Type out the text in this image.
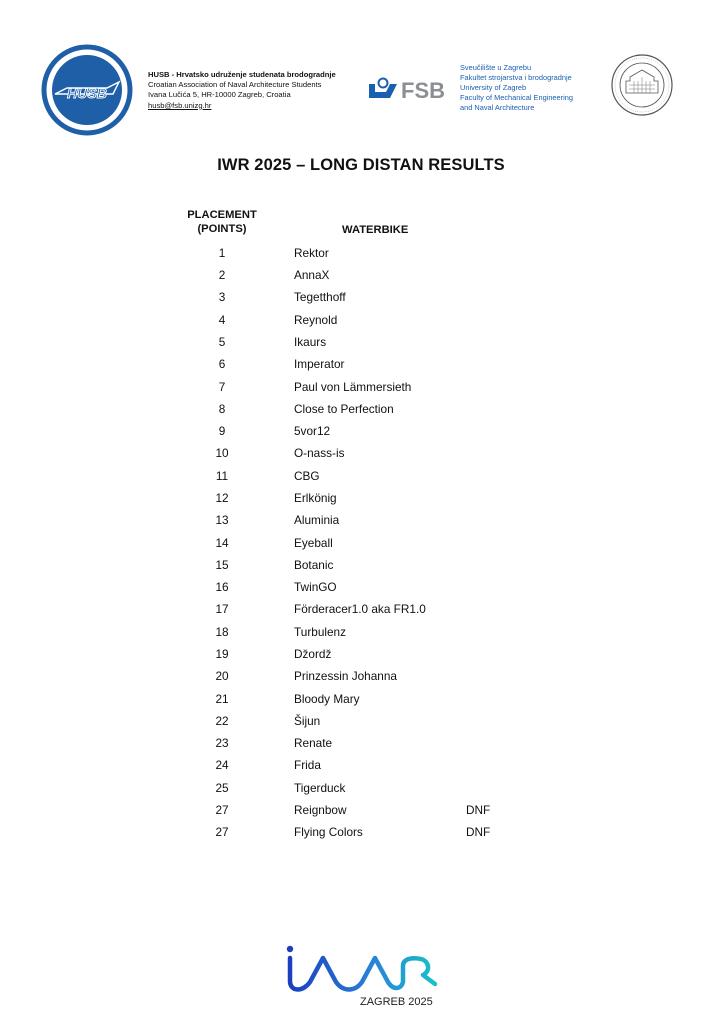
HUSB
HUSB - Hrvatsko udruženje studenata brodogradnje
Croatian Association of Naval Architecture Students
Ivana Lučića 5, HR-10000 Zagreb, Croatia
husb@fsb.unizg.hr
FSB
Sveučilište u Zagrebu
Fakultet strojarstva i brodogradnje
University of Zagreb
Faculty of Mechanical Engineering
and Naval Architecture
IWR 2025 – LONG DISTAN RESULTS
PLACEMENT
(POINTS)	WATERBIKE
1	Rektor
2	AnnaX
3	Tegetthoff
4	Reynold
5	Ikaurs
6	Imperator
7	Paul von Lämmersieth
8	Close to Perfection
9	5vor12
10	O-nass-is
11	CBG
12	Erlkönig
13	Aluminia
14	Eyeball
15	Botanic
16	TwinGO
17	Förderacer1.0 aka FR1.0
18	Turbulenz
19	Džordž
20	Prinzessin Johanna
21	Bloody Mary
22	Šijun
23	Renate
24	Frida
25	Tigerduck
27	Reignbow	DNF
27	Flying Colors	DNF
ZAGREB 2025
